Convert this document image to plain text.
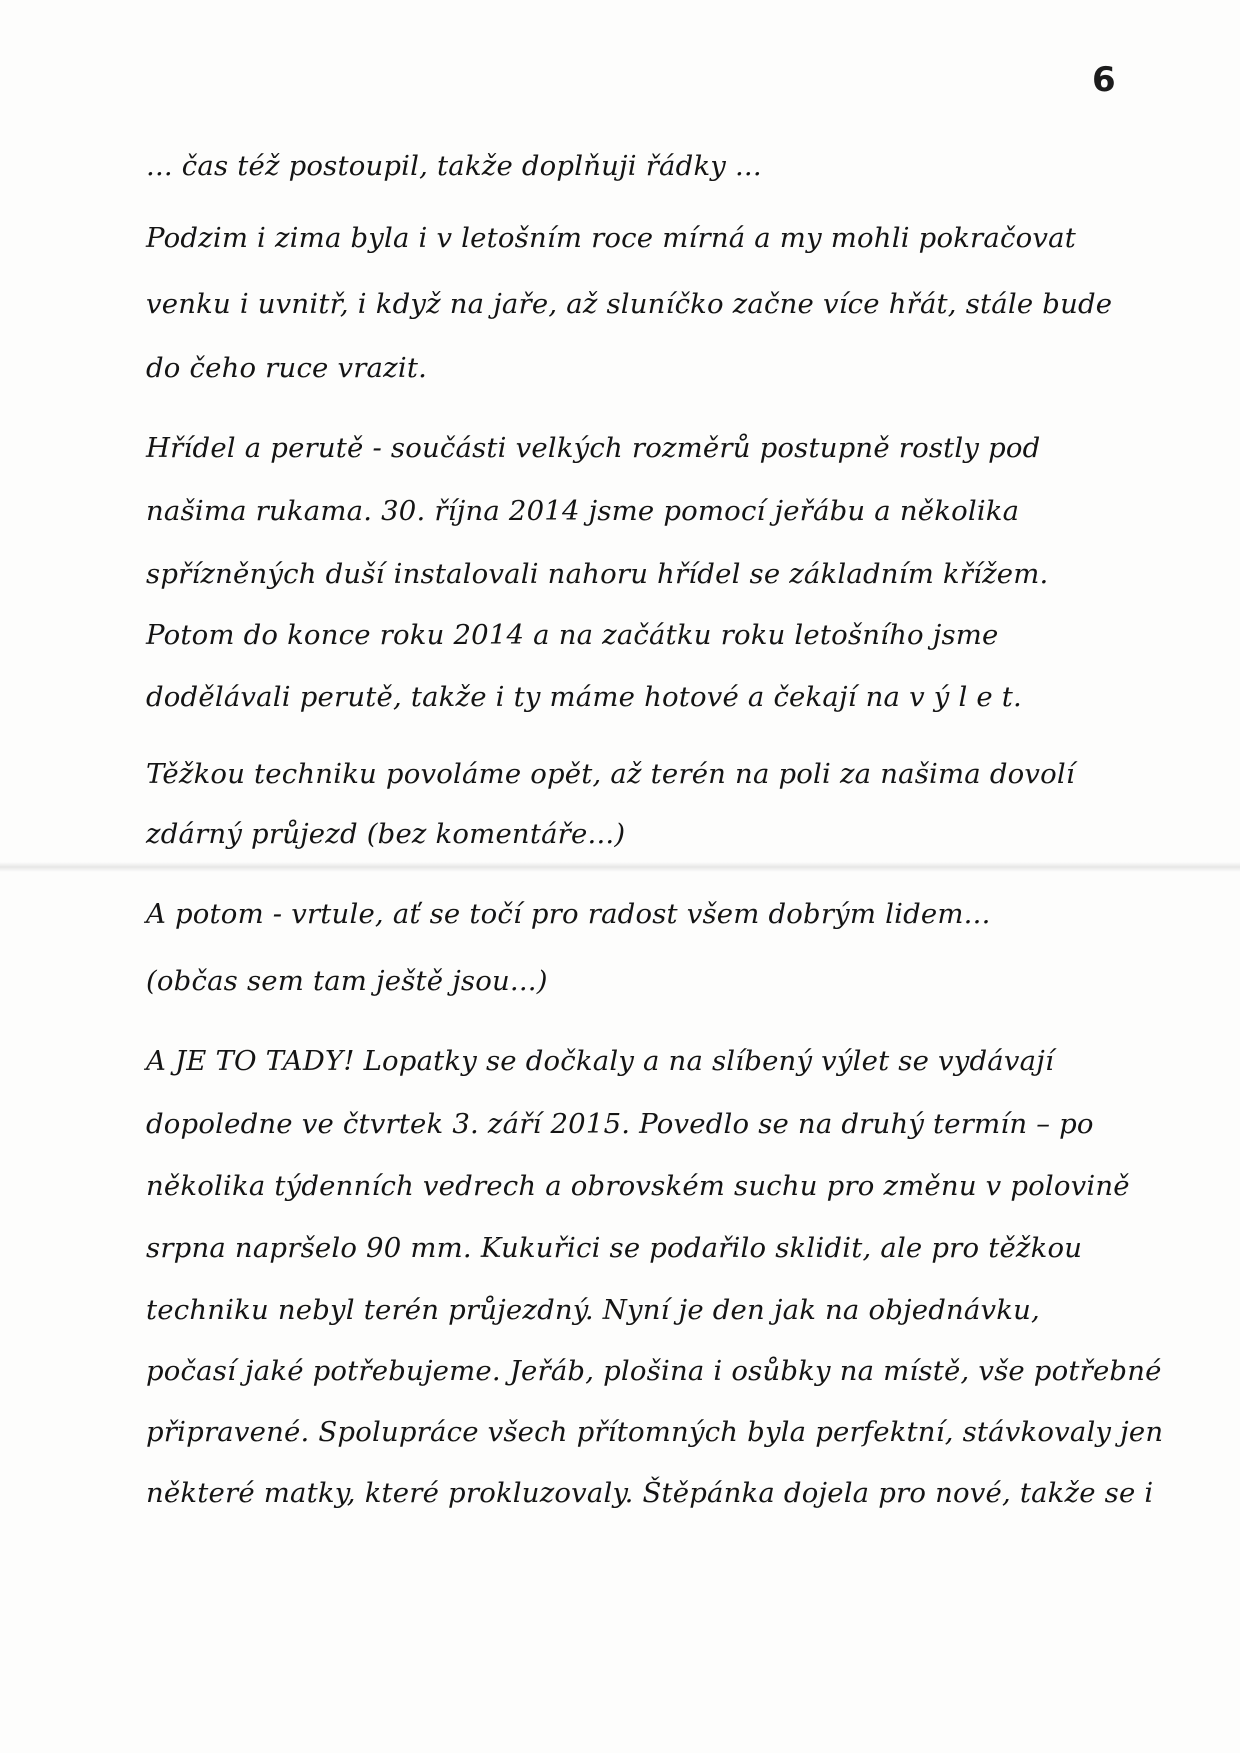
6
... čas též postoupil, takže doplňuji řádky ...
Podzim i zima byla i v letošním roce mírná a my mohli pokračovat
venku i uvnitř, i když na jaře, až sluníčko začne více hřát, stále bude
do čeho ruce vrazit.
Hřídel a perutě - součásti velkých rozměrů postupně rostly pod
našima rukama. 30. října 2014 jsme pomocí jeřábu a několika
spřízněných duší instalovali nahoru hřídel se základním křížem.
Potom do konce roku 2014 a na začátku roku letošního jsme
dodělávali perutě, takže i ty máme hotové a čekají na v ý l e t.
Těžkou techniku povoláme opět, až terén na poli za našima dovolí
zdárný průjezd (bez komentáře...)
A potom - vrtule, ať se točí pro radost všem dobrým lidem...
(občas sem tam ještě jsou...)
A JE TO TADY! Lopatky se dočkaly a na slíbený výlet se vydávají
dopoledne ve čtvrtek 3. září 2015. Povedlo se na druhý termín – po
několika týdenních vedrech a obrovském suchu pro změnu v polovině
srpna napršelo 90 mm. Kukuřici se podařilo sklidit, ale pro těžkou
techniku nebyl terén průjezdný. Nyní je den jak na objednávku,
počasí jaké potřebujeme. Jeřáb, plošina i osůbky na místě, vše potřebné
připravené. Spolupráce všech přítomných byla perfektní, stávkovaly jen
některé matky, které prokluzovaly. Štěpánka dojela pro nové, takže se i
